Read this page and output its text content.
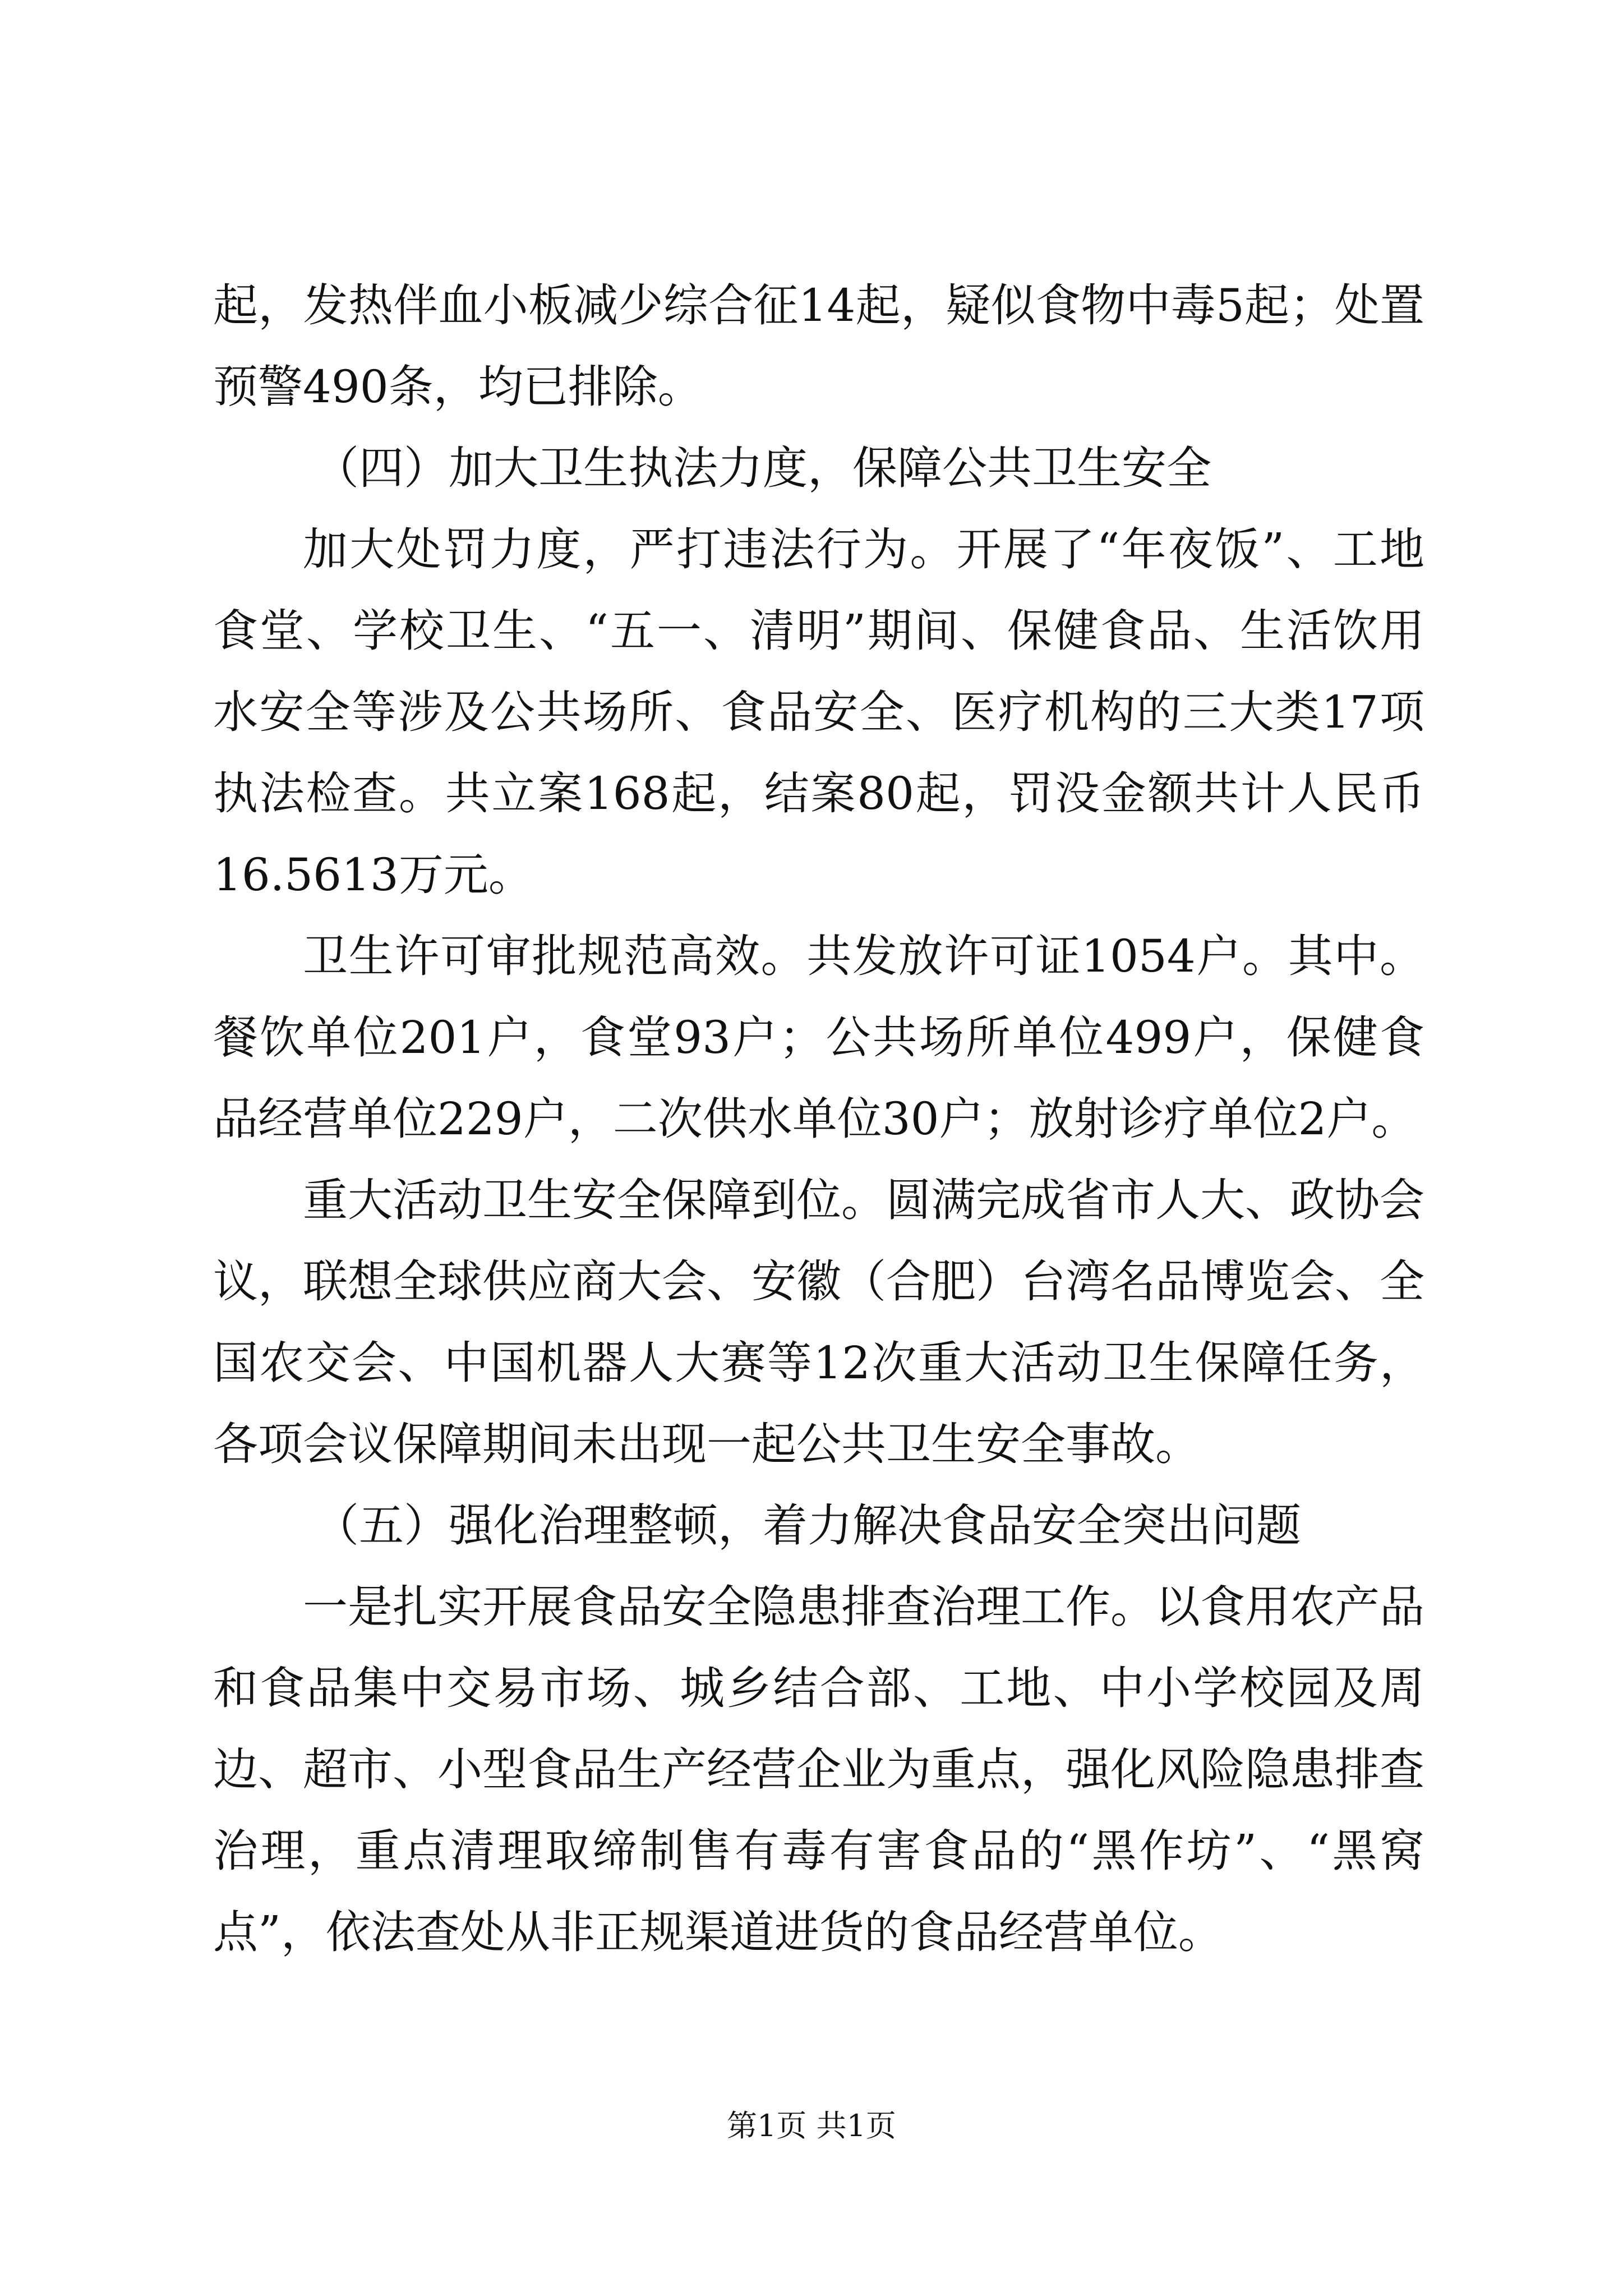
起，发热伴血小板减少综合征14起，疑似食物中毒5起；处置预警490条，均已排除。

（四）加大卫生执法力度，保障公共卫生安全

加大处罚力度，严打违法行为。开展了“年夜饭”、工地食堂、学校卫生、“五一、清明”期间、保健食品、生活饮用水安全等涉及公共场所、食品安全、医疗机构的三大类17项执法检查。共立案168起，结案80起，罚没金额共计人民币16.5613万元。

卫生许可审批规范高效。共发放许可证1054户。其中。餐饮单位201户，食堂93户；公共场所单位499户，保健食品经营单位229户，二次供水单位30户；放射诊疗单位2户。

重大活动卫生安全保障到位。圆满完成省市人大、政协会议，联想全球供应商大会、安徽（合肥）台湾名品博览会、全国农交会、中国机器人大赛等12次重大活动卫生保障任务，各项会议保障期间未出现一起公共卫生安全事故。

（五）强化治理整顿，着力解决食品安全突出问题

一是扎实开展食品安全隐患排查治理工作。以食用农产品和食品集中交易市场、城乡结合部、工地、中小学校园及周边、超市、小型食品生产经营企业为重点，强化风险隐患排查治理，重点清理取缔制售有毒有害食品的“黑作坊”、“黑窝点”，依法查处从非正规渠道进货的食品经营单位。

第1页 共1页
